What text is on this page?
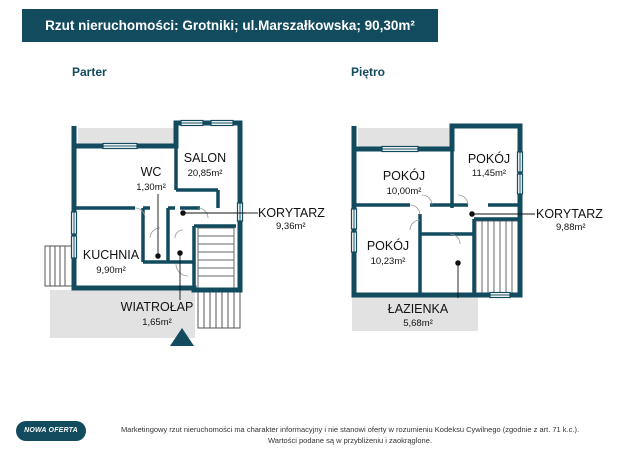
Rzut nieruchomości: Grotniki; ul.Marszałkowska; 90,30m²
Parter	Piętro
WC
1,30m²
SALON
20,85m²
KORYTARZ
9,36m²
KUCHNIA
9,90m²
WIATROŁAP
1,65m²
POKÓJ
10,00m²
POKÓJ
11,45m²
KORYTARZ
9,88m²
POKÓJ
10,23m²
ŁAZIENKA
5,68m²
NOWA OFERTA	Marketingowy rzut nieruchomości ma charakter informacyjny i nie stanowi oferty w rozumieniu Kodeksu Cywilnego (zgodnie z art. 71 k.c.).
Wartości podane są w przybliżeniu i zaokrąglone.
